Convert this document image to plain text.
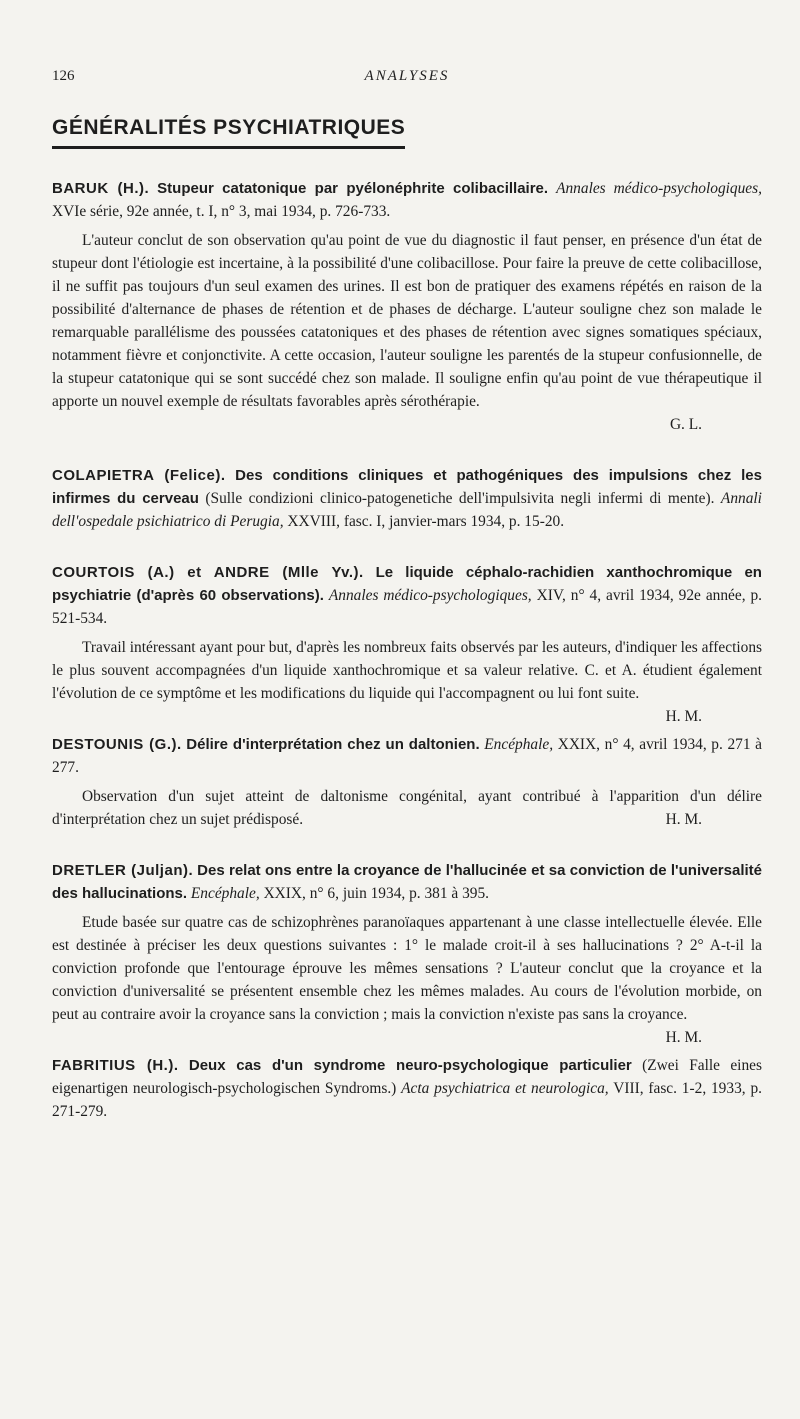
126	ANALYSES
GÉNÉRALITÉS PSYCHIATRIQUES
BARUK (H.). Stupeur catatonique par pyélonéphrite colibacillaire. Annales médico-psychologiques, XVIe série, 92e année, t. I, n° 3, mai 1934, p. 726-733.
L'auteur conclut de son observation qu'au point de vue du diagnostic il faut penser, en présence d'un état de stupeur dont l'étiologie est incertaine, à la possibilité d'une colibacillose. Pour faire la preuve de cette colibacillose, il ne suffit pas toujours d'un seul examen des urines. Il est bon de pratiquer des examens répétés en raison de la possibilité d'alternance de phases de rétention et de phases de décharge. L'auteur souligne chez son malade le remarquable parallélisme des poussées catatoniques et des phases de rétention avec signes somatiques spéciaux, notamment fièvre et conjonctivite. A cette occasion, l'auteur souligne les parentés de la stupeur confusionnelle, de la stupeur catatonique qui se sont succédé chez son malade. Il souligne enfin qu'au point de vue thérapeutique il apporte un nouvel exemple de résultats favorables après sérothérapie.
G. L.
COLAPIETRA (Felice). Des conditions cliniques et pathogéniques des impulsions chez les infirmes du cerveau (Sulle condizioni clinico-patogenetiche dell'impulsivita negli infermi di mente). Annali dell'ospedale psichiatrico di Perugia, XXVIII, fasc. I, janvier-mars 1934, p. 15-20.
COURTOIS (A.) et ANDRE (Mlle Yv.). Le liquide céphalo-rachidien xanthochromique en psychiatrie (d'après 60 observations). Annales médico-psychologiques, XIV, n° 4, avril 1934, 92e année, p. 521-534.
Travail intéressant ayant pour but, d'après les nombreux faits observés par les auteurs, d'indiquer les affections le plus souvent accompagnées d'un liquide xanthochromique et sa valeur relative. C. et A. étudient également l'évolution de ce symptôme et les modifications du liquide qui l'accompagnent ou lui font suite.
H. M.
DESTOUNIS (G.). Délire d'interprétation chez un daltonien. Encéphale, XXIX, n° 4, avril 1934, p. 271 à 277.
Observation d'un sujet atteint de daltonisme congénital, ayant contribué à l'apparition d'un délire d'interprétation chez un sujet prédisposé.	H. M.
DRETLER (Juljan). Des relat ons entre la croyance de l'hallucinée et sa conviction de l'universalité des hallucinations. Encéphale, XXIX, n° 6, juin 1934, p. 381 à 395.
Etude basée sur quatre cas de schizophrènes paranoïaques appartenant à une classe intellectuelle élevée. Elle est destinée à préciser les deux questions suivantes : 1° le malade croit-il à ses hallucinations ? 2° A-t-il la conviction profonde que l'entourage éprouve les mêmes sensations ? L'auteur conclut que la croyance et la conviction d'universalité se présentent ensemble chez les mêmes malades. Au cours de l'évolution morbide, on peut au contraire avoir la croyance sans la conviction ; mais la conviction n'existe pas sans la croyance.
H. M.
FABRITIUS (H.). Deux cas d'un syndrome neuro-psychologique particulier (Zwei Falle eines eigenartigen neurologisch-psychologischen Syndroms.) Acta psychiatrica et neurologica, VIII, fasc. 1-2, 1933, p. 271-279.
